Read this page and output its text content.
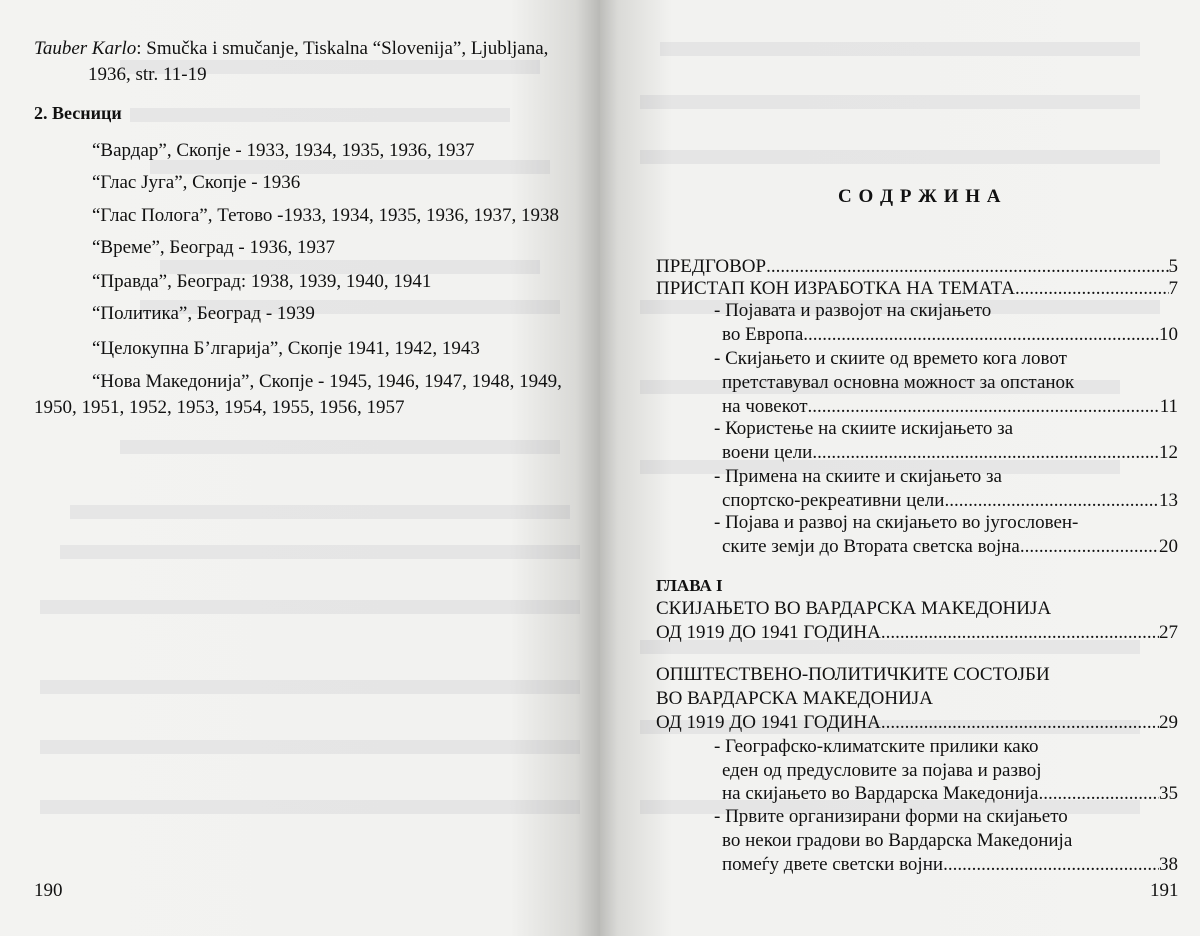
Tauber Karlo: Smučka i smučanje, Tiskalna “Slovenija”, Ljubljana,
1936, str. 11-19
2. Весници
“Вардар”, Скопје - 1933, 1934, 1935, 1936, 1937
“Глас Југа”, Скопје - 1936
“Глас Полога”, Тетово -1933, 1934, 1935, 1936, 1937, 1938
“Време”, Београд - 1936, 1937
“Правда”, Београд: 1938, 1939, 1940, 1941
“Политика”, Београд - 1939
“Целокупна Б’лгарија”, Скопје 1941, 1942, 1943
“Нова Македонија”, Скопје - 1945, 1946, 1947, 1948, 1949,
1950, 1951, 1952, 1953, 1954, 1955, 1956, 1957
190
С О Д Р Ж И Н А
ПРЕДГОВОР .....	5
ПРИСТАП КОН ИЗРАБОТКА НА ТЕМАТА .....	7
- Појавата и развојот на скијањето
во Европа .....	10
- Скијањето и скиите од времето кога ловот
претставувал основна можност за опстанок
на човекот .....	11
- Користење на скиите искијањето за
воени цели .....	12
- Примена на скиите и скијањето за
спортско-рекреативни цели .....	13
- Појава и развој на скијањето во југословен-
ските земји до Втората светска војна .....	20
ГЛАВА I
СКИЈАЊЕТО ВО ВАРДАРСКА МАКЕДОНИЈА
ОД 1919 ДО 1941 ГОДИНА .....	27
ОПШТЕСТВЕНО-ПОЛИТИЧКИТЕ СОСТОЈБИ
ВО ВАРДАРСКА МАКЕДОНИЈА
ОД 1919 ДО 1941 ГОДИНА .....	29
- Географско-климатските прилики како
еден од предусловите за појава и развој
на скијањето во Вардарска Македонија .....	35
- Првите организирани форми на скијањето
во некои градови во Вардарска Македонија
помеѓу двете светски војни .....	38
191
